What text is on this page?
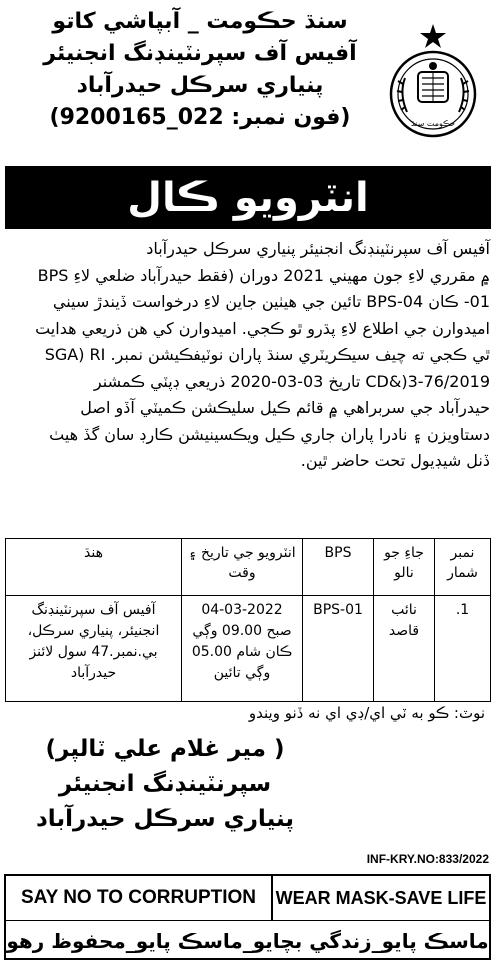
سنڌ حڪومت _ آبپاشي کاتو
آفيس آف سپرنٽينڊنگ انجنيئر
پنياري سرڪل حيدرآباد
(فون نمبر: 022_9200165)	حڪومت سنڌ
انٽرويو ڪال
آفيس آف سپرنٽينڊنگ انجنيئر پنياري سرڪل حيدرآباد
۾ مقرري لاءِ جون مهيني 2021 دوران (فقط حيدرآباد ضلعي لاءِ BPS
01- ڪان BPS-04 تائين جي هيٺين جاين لاءِ درخواست ڏيندڙ سيني
اميدوارن جي اطلاع لاءِ پڌرو ٿو ڪجي. اميدوارن کي هن ذريعي هدايت
ٿي ڪجي ته چيف سيڪريٽري سنڌ پاران نوٽيفڪيشن نمبر. SGA) RI
CD&)3-76/2019 تاريخ 03-03-2020 ذريعي ڊپٽي ڪمشنر
حيدرآباد جي سربراهي ۾ قائم ڪيل سليڪشن ڪميٽي آڏو اصل
دستاويزن ۽ نادرا پاران جاري ڪيل ويڪسينيشن ڪارڊ سان گڏ هيٺ
ڏنل شيڊيول تحت حاضر ٿين.
نمبر شمار	جاءِ جو نالو	BPS	انٽرويو جي تاريخ ۽ وقت	هنڌ
1.	نائب قاصد	BPS-01	04-03-2022
صبح 09.00 وڳي ڪان شام 05.00 وڳي تائين	آفيس آف سپرنٽينڊنگ انجنيئر، پنياري سرڪل، بي.نمبر.47 سول لائنز حيدرآباد
نوٽ: ڪو به ٽي اي/ڊي اي نه ڏنو ويندو
( مير غلام علي ٽالپر)
سپرنٽينڊنگ انجنيئر
پنياري سرڪل حيدرآباد
INF-KRY.NO:833/2022
SAY NO TO CORRUPTION	WEAR MASK-SAVE LIFE
ماسڪ پايو_زندگي بچايو_ماسڪ پايو_محفوظ رهو
